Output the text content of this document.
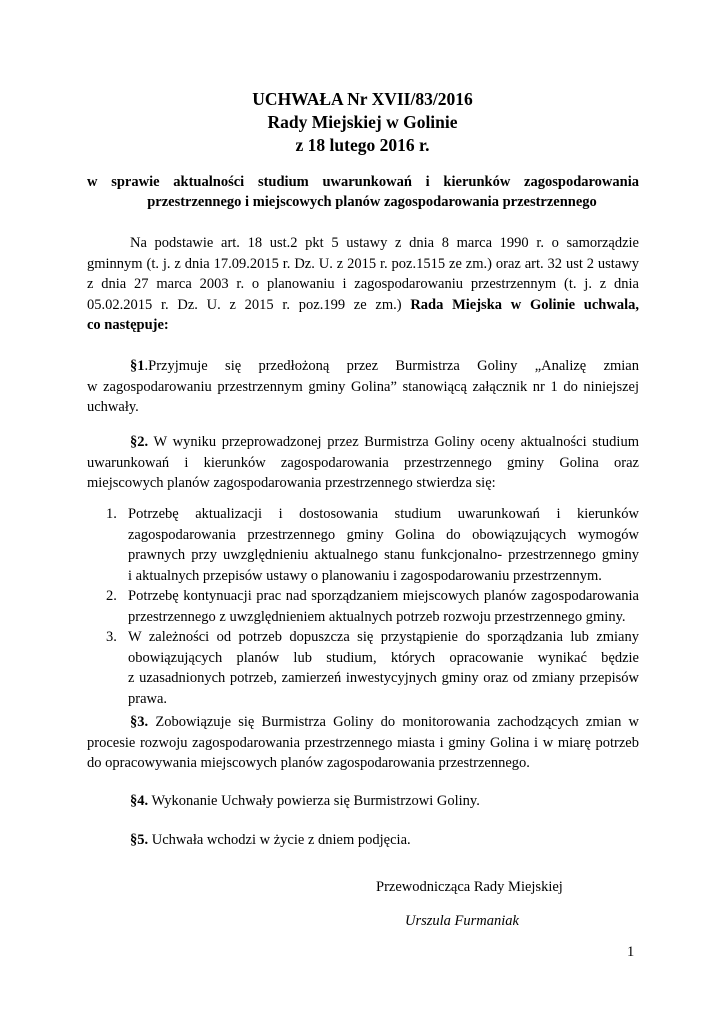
UCHWAŁA Nr XVII/83/2016
Rady Miejskiej w Golinie
z 18 lutego 2016 r.
w sprawie aktualności studium uwarunkowań i kierunków zagospodarowania
przestrzennego i miejscowych planów zagospodarowania przestrzennego
Na podstawie art. 18 ust.2 pkt 5 ustawy z dnia 8 marca 1990 r. o samorządzie
gminnym (t. j. z dnia 17.09.2015 r. Dz. U. z 2015 r. poz.1515 ze zm.) oraz art. 32 ust 2 ustawy
z dnia 27 marca 2003 r. o planowaniu i zagospodarowaniu przestrzennym (t. j. z dnia
05.02.2015 r. Dz. U. z 2015 r. poz.199 ze zm.) Rada Miejska w Golinie uchwala,
co następuje:
§1.Przyjmuje się przedłożoną przez Burmistrza Goliny „Analizę zmian
w zagospodarowaniu przestrzennym gminy Golina” stanowiącą załącznik nr 1 do niniejszej
uchwały.
§2. W wyniku przeprowadzonej przez Burmistrza Goliny oceny aktualności studium
uwarunkowań i kierunków zagospodarowania przestrzennego gminy Golina oraz
miejscowych planów zagospodarowania przestrzennego stwierdza się:
1. Potrzebę aktualizacji i dostosowania studium uwarunkowań i kierunków
zagospodarowania przestrzennego gminy Golina do obowiązujących wymogów
prawnych przy uwzględnieniu aktualnego stanu funkcjonalno- przestrzennego gminy
i aktualnych przepisów ustawy o planowaniu i zagospodarowaniu przestrzennym.
2. Potrzebę kontynuacji prac nad sporządzaniem miejscowych planów zagospodarowania
przestrzennego z uwzględnieniem aktualnych potrzeb rozwoju przestrzennego gminy.
3. W zależności od potrzeb dopuszcza się przystąpienie do sporządzania lub zmiany
obowiązujących planów lub studium, których opracowanie wynikać będzie
z uzasadnionych potrzeb, zamierzeń inwestycyjnych gminy oraz od zmiany przepisów
prawa.
§3. Zobowiązuje się Burmistrza Goliny do monitorowania zachodzących zmian w
procesie rozwoju zagospodarowania przestrzennego miasta i gminy Golina i w miarę potrzeb
do opracowywania miejscowych planów zagospodarowania przestrzennego.
§4. Wykonanie Uchwały powierza się Burmistrzowi Goliny.
§5. Uchwała wchodzi w życie z dniem podjęcia.
Przewodnicząca Rady Miejskiej
Urszula Furmaniak
1
